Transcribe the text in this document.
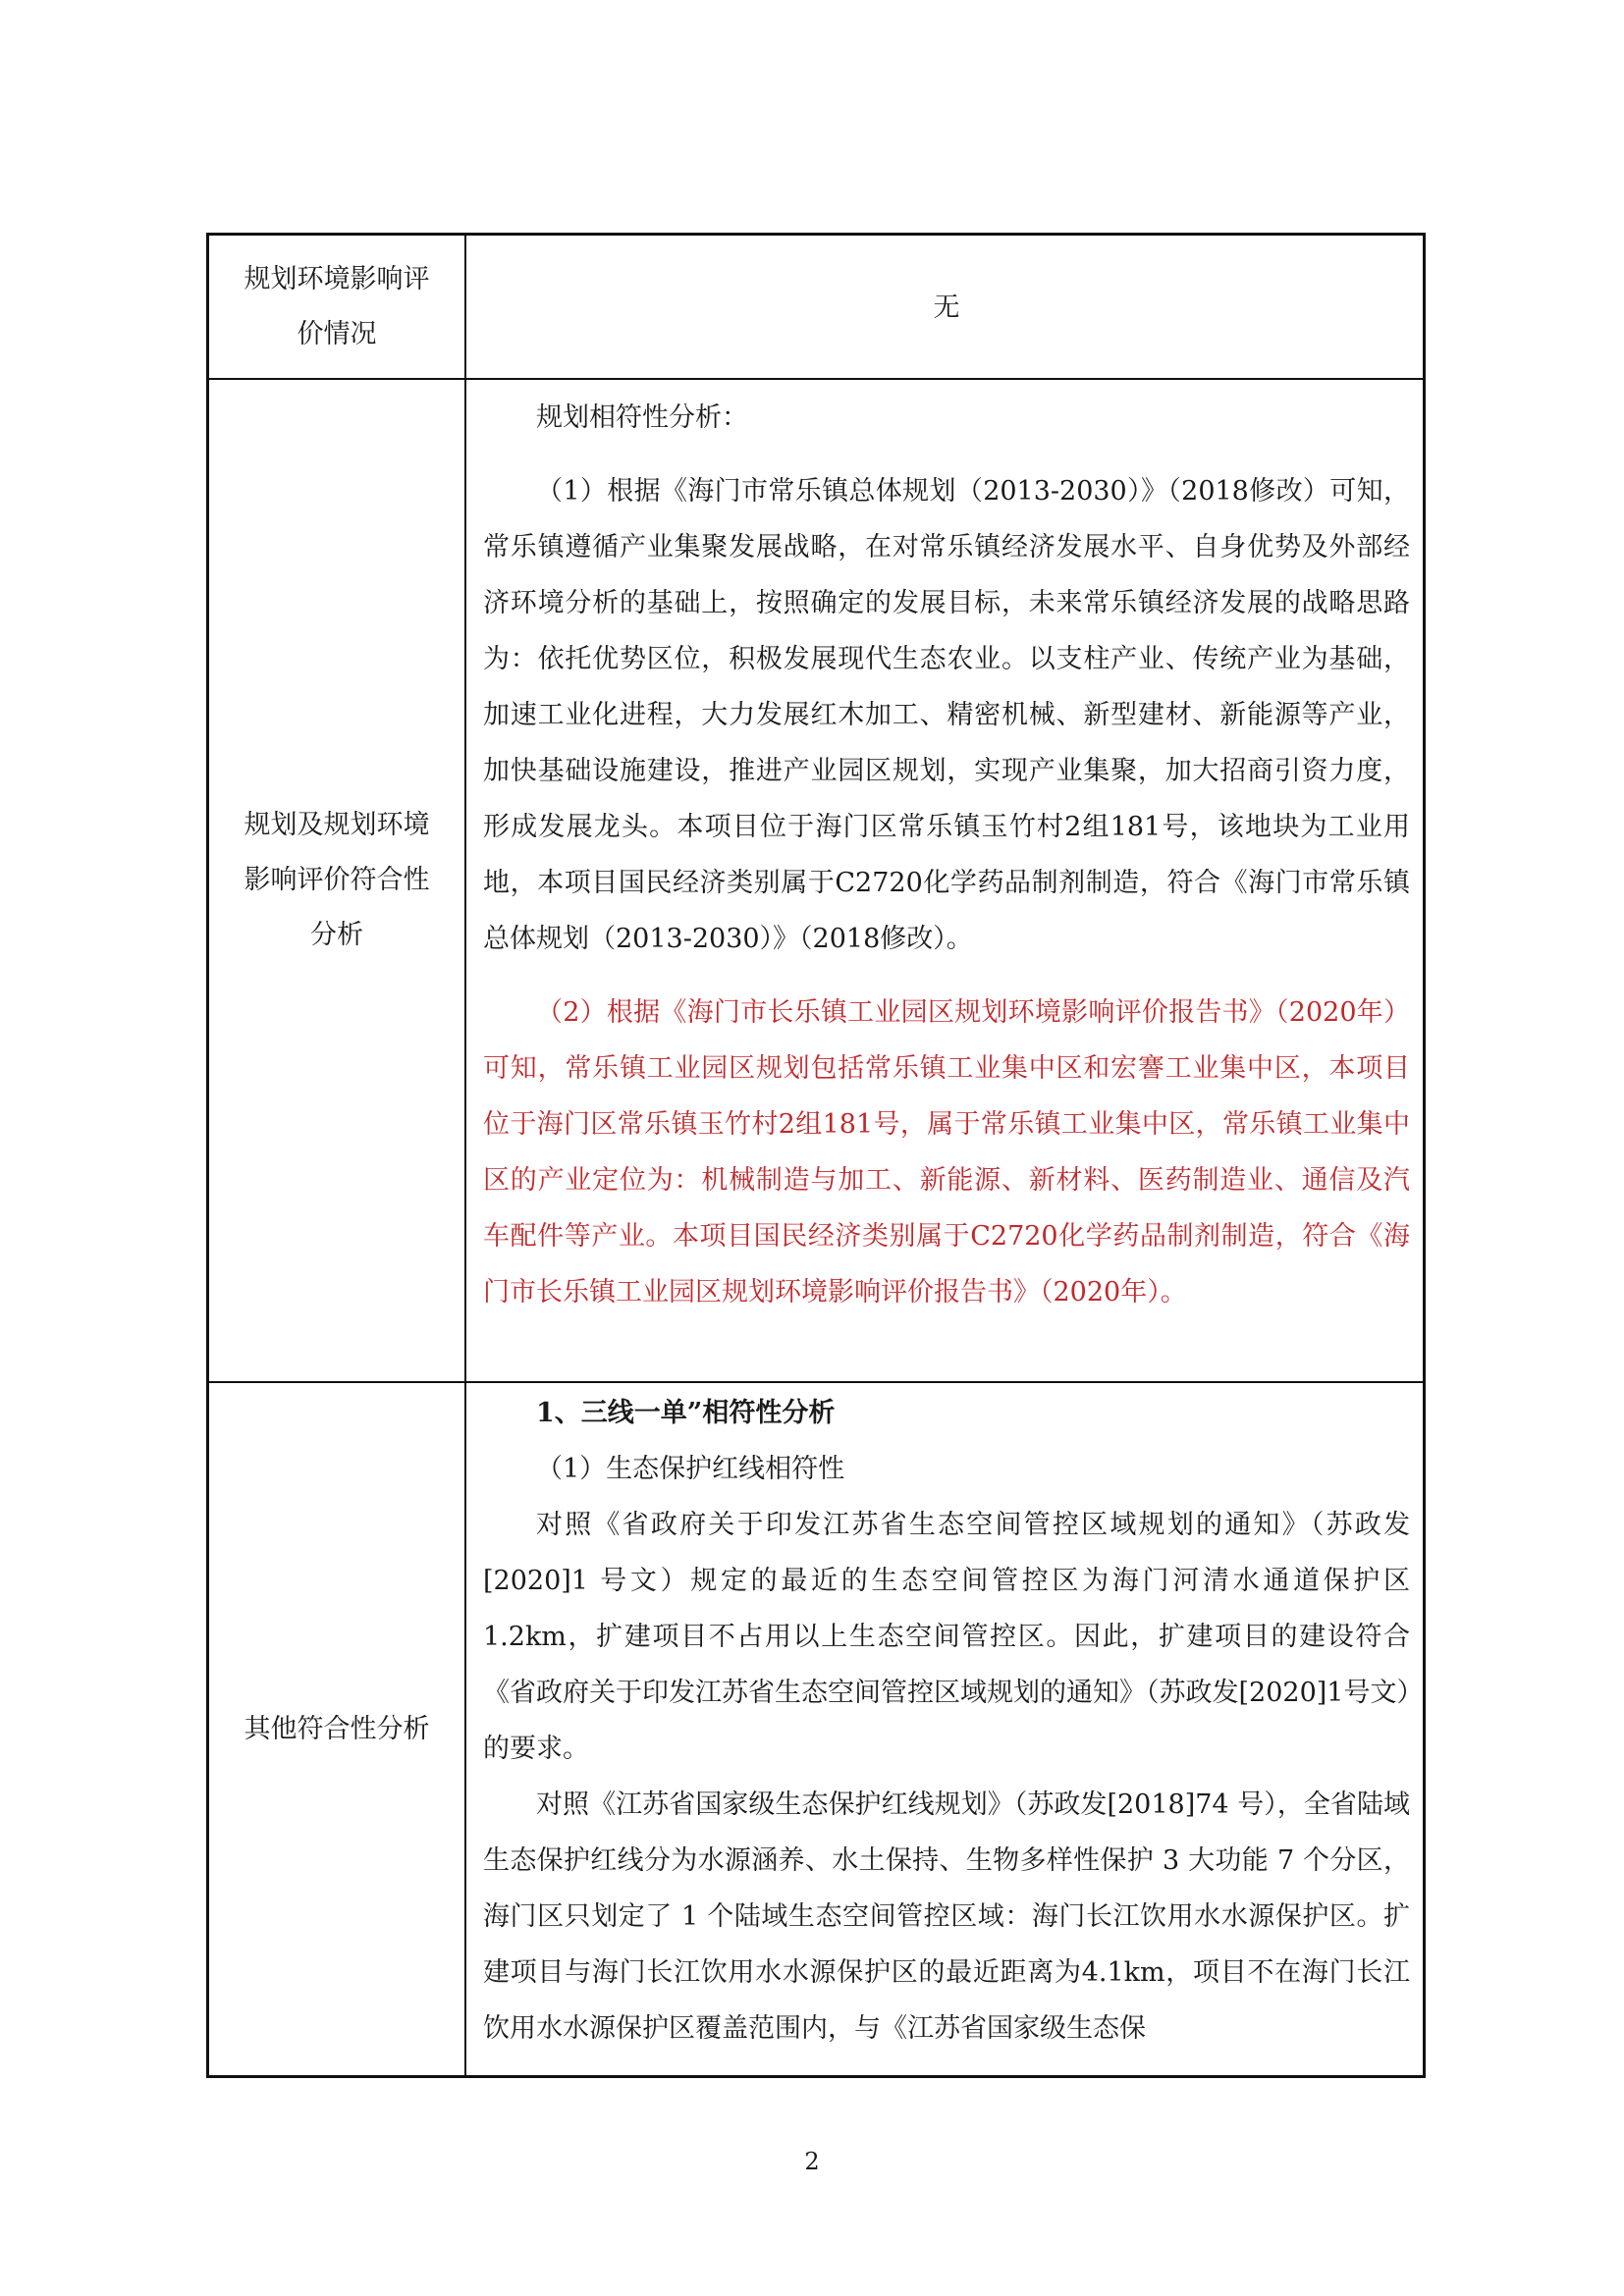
规划环境影响评价情况
无
规划及规划环境影响评价符合性分析

规划相符性分析：

（1）根据《海门市常乐镇总体规划（2013-2030）》（2018修改）可知，常乐镇遵循产业集聚发展战略，在对常乐镇经济发展水平、自身优势及外部经济环境分析的基础上，按照确定的发展目标，未来常乐镇经济发展的战略思路为：依托优势区位，积极发展现代生态农业。以支柱产业、传统产业为基础，加速工业化进程，大力发展红木加工、精密机械、新型建材、新能源等产业，加快基础设施建设，推进产业园区规划，实现产业集聚，加大招商引资力度，形成发展龙头。本项目位于海门区常乐镇玉竹村2组181号，该地块为工业用地，本项目国民经济类别属于C2720化学药品制剂制造，符合《海门市常乐镇总体规划（2013-2030）》（2018修改）。

（2）根据《海门市长乐镇工业园区规划环境影响评价报告书》（2020年）可知，常乐镇工业园区规划包括常乐镇工业集中区和宏謇工业集中区，本项目位于海门区常乐镇玉竹村2组181号，属于常乐镇工业集中区，常乐镇工业集中区的产业定位为：机械制造与加工、新能源、新材料、医药制造业、通信及汽车配件等产业。本项目国民经济类别属于C2720化学药品制剂制造，符合《海门市长乐镇工业园区规划环境影响评价报告书》（2020年）。

其他符合性分析

1、三线一单”相符性分析

（1）生态保护红线相符性

对照《省政府关于印发江苏省生态空间管控区域规划的通知》（苏政发[2020]1 号文）规定的最近的生态空间管控区为海门河清水通道保护区1.2km，扩建项目不占用以上生态空间管控区。因此，扩建项目的建设符合《省政府关于印发江苏省生态空间管控区域规划的通知》（苏政发[2020]1号文）的要求。

对照《江苏省国家级生态保护红线规划》（苏政发[2018]74 号），全省陆域生态保护红线分为水源涵养、水土保持、生物多样性保护 3 大功能 7 个分区，海门区只划定了 1 个陆域生态空间管控区域：海门长江饮用水水源保护区。扩建项目与海门长江饮用水水源保护区的最近距离为4.1km，项目不在海门长江饮用水水源保护区覆盖范围内，与《江苏省国家级生态保

2
